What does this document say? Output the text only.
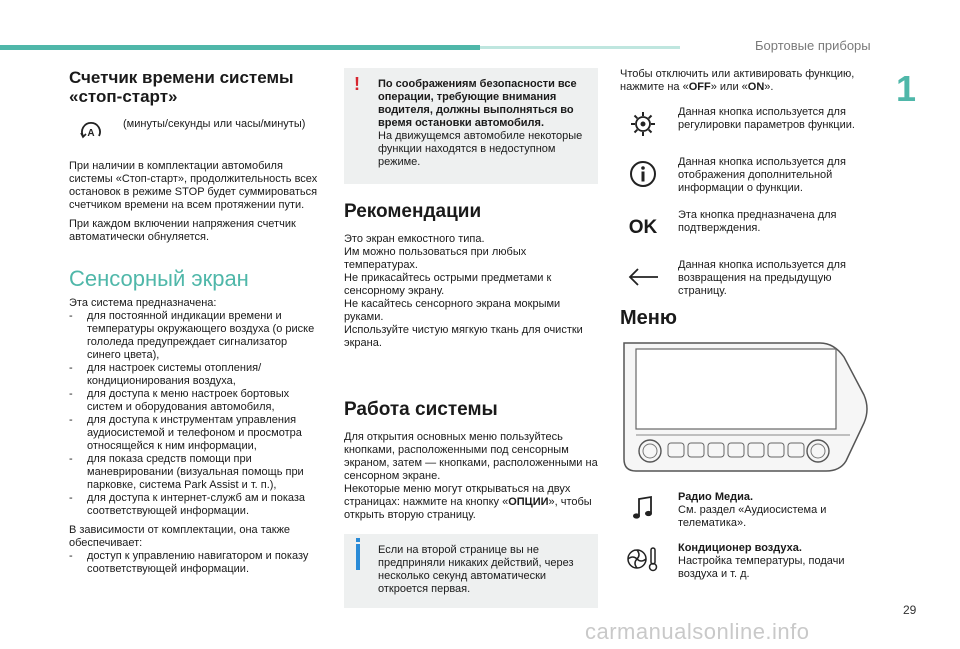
Бортовые приборы
1
Счетчик времени системы «стоп-старт»
A
(минуты/секунды или часы/минуты)

При наличии в комплектации автомобиля системы «Стоп-старт», продолжительность всех остановок в режиме STOP будет суммироваться счетчиком времени на всем протяжении пути.

При каждом включении напряжения счетчик автоматически обнуляется.

Сенсорный экран

Эта система предназначена:

- для постоянной индикации времени и температуры окружающего воздуха (о риске гололеда предупреждает сигнализатор синего цвета),
- для настроек системы отопления/ кондиционирования воздуха,
- для доступа к меню настроек бортовых систем и оборудования автомобиля,
- для доступа к инструментам управления аудиосистемой и телефоном и просмотра относящейся к ним информации,
- для показа средств помощи при маневрировании (визуальная помощь при парковке, система Park Assist и т. п.),
- для доступа к интернет-служб ам и показа соответствующей информации.

В зависимости от комплектации, она также обеспечивает:

- доступ к управлению навигатором и показу соответствующей информации.
! По соображениям безопасности все операции, требующие внимания водителя, должны выполняться во время остановки автомобиля.
На движущемся автомобиле некоторые функции находятся в недоступном режиме.
Рекомендации

Это экран емкостного типа.

Им можно пользоваться при любых температурах.

Не прикасайтесь острыми предметами к сенсорному экрану.

Не касайтесь сенсорного экрана мокрыми руками.

Используйте чистую мягкую ткань для очистки экрана.

Работа системы

Для открытия основных меню пользуйтесь кнопками, расположенными под сенсорным экраном, затем — кнопками, расположенными на сенсорном экране.

Некоторые меню могут открываться на двух страницах: нажмите на кнопку «ОПЦИИ», чтобы открыть вторую страницу.

Если на второй странице вы не предприняли никаких действий, через несколько секунд автоматически откроется первая.

Чтобы отключить или активировать функцию, нажмите на «OFF» или «ON».

Данная кнопка используется для регулировки параметров функции.
Данная кнопка используется для отображения дополнительной информации о функции.
OK
Эта кнопка предназначена для подтверждения.
Данная кнопка используется для возвращения на предыдущую страницу.
Меню
Радио Медиа.
См. раздел «Аудиосистема и телематика».
Кондиционер воздуха.
Настройка температуры, подачи воздуха и т. д.
29
carmanualsonline.info
